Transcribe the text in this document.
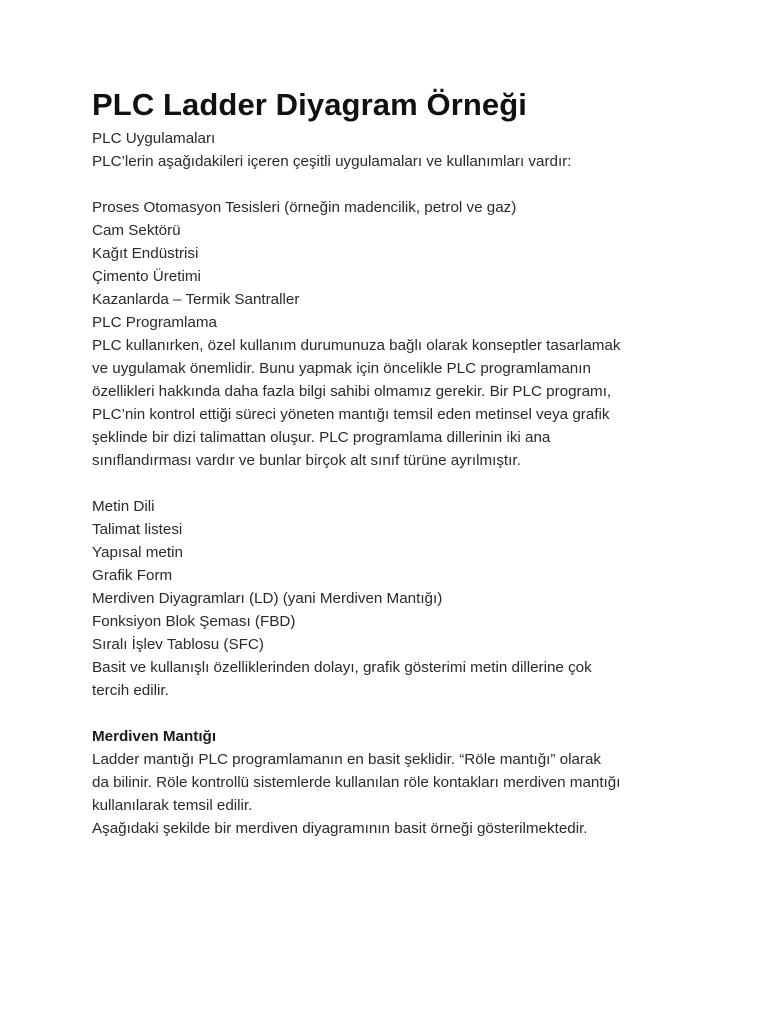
PLC Ladder Diyagram Örneği
PLC Uygulamaları
PLC’lerin aşağıdakileri içeren çeşitli uygulamaları ve kullanımları vardır:
Proses Otomasyon Tesisleri (örneğin madencilik, petrol ve gaz)
Cam Sektörü
Kağıt Endüstrisi
Çimento Üretimi
Kazanlarda – Termik Santraller
PLC Programlama
PLC kullanırken, özel kullanım durumunuza bağlı olarak konseptler tasarlamak
ve uygulamak önemlidir. Bunu yapmak için öncelikle PLC programlamanın
özellikleri hakkında daha fazla bilgi sahibi olmamız gerekir. Bir PLC programı,
PLC’nin kontrol ettiği süreci yöneten mantığı temsil eden metinsel veya grafik
şeklinde bir dizi talimattan oluşur. PLC programlama dillerinin iki ana
sınıflandırması vardır ve bunlar birçok alt sınıf türüne ayrılmıştır.
Metin Dili
Talimat listesi
Yapısal metin
Grafik Form
Merdiven Diyagramları (LD) (yani Merdiven Mantığı)
Fonksiyon Blok Şeması (FBD)
Sıralı İşlev Tablosu (SFC)
Basit ve kullanışlı özelliklerinden dolayı, grafik gösterimi metin dillerine çok
tercih edilir.
Merdiven Mantığı
Ladder mantığı PLC programlamanın en basit şeklidir. “Röle mantığı” olarak
da bilinir. Röle kontrollü sistemlerde kullanılan röle kontakları merdiven mantığı
kullanılarak temsil edilir.
Aşağıdaki şekilde bir merdiven diyagramının basit örneği gösterilmektedir.
